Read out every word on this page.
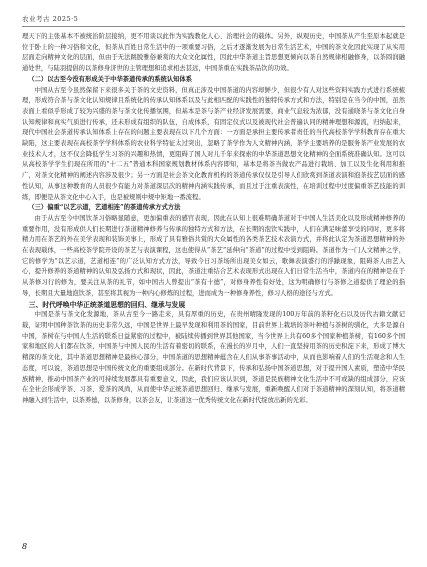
农业考古 2025·5

理天下的主张基本不被统治阶层接纳，更不用谈以此作为实践教化人心、治理社会的载体。另外，纵观历史，中国茶从产生至原本起就是位于卧上的一种习俗和文化，但茶从百姓日常生活中的一项重要习俗，之后才逐渐发展为日常生活艺术，中国的茶文化因此实现了从实用层面走向精神文化的层面，但由于无法跳脱雅俗兼赏的大众文化属性，因此中华茶道主旨思想更倾向以茶自然规律相融修身，以茶圆润融通处世，与陆羽提倡的以茶修身济世的主管理想和追求相去甚远，中国茶重在实践茶品饮的功效。

（二）以古至今没有形成关于中华茶道传承的系统认知体系

中国从古至今虽然保留下来很多关于茶的文史资料，但真正涉及中国茶道的内容却鲜少，但很少有人对这些资料实践方式进行系统梳理，形成符合茶与茶文化认知规律且系统化的传承认知体系以及与此相匹配的实践性的独特传承方式和方法，特别是在当今的中国，虽然表面上看似乎形成了较为兴盛的茶与茶文化传播氛围，但基本是茶与茶产业经济发展需要，商业气息较为浓郁，没有通晓茶与茶文化自身认知规律和真实气质进行传承，还未形成有组织的队伍，自成体系，有固定仪式以及被现代社会普遍认同的精神理想和源流，归纳起来，现代中国社会茶道传承认知体系上存在的问题主要表现在以下几个方面：一方面是承担主要传承者责任的当代高校茶学学科教育存在重大缺陷，这主要表现在高校茶学学科体系的农业科学特征太过突出，忽略了茶学作为人文精神内涵，茶学主要培养的是服务茶产业发展的农业技术人才，这不仅会降低学生习茶的兴趣和热情，更阻碍了国人对儿千年来探索的中华茶道思想文化精神的全面系统准确认知。这可以从高校茶学学生们现在所用的“十二五”普通本科国家规划教材体系内容即知，基本是将茶当做农产品进行栽培、加工以及生化利用和推广，对茶文化精神的阐述内容涉及很少；另一方面是社会茶文化教育机构的茶道传承仅仅是引导人们欣赏到茶道表演和泡茶技艺层面的感性认知，从事这种教育的人员很少有能力对茶道深层次的精神内涵实践传承，而且过于注重表演性，在培训过程中过度偏重茶艺技能的训练，即便是从茶文化中心入手，也是被规则中规中矩地一番流程。

（三）偏重“以艺示道，艺道相连”的茶道传承方式方法

由于从古至今中国饮茶习俗略显随意，更加偏重表的感官表现，因此在认知上很难明确茶道对于中国人生活美化以及形成精神修养的重要作用，没有形成供人们长期进行茶道精神修养与传承的独特方式和方法，在长期的泡饮实践中，人们在满足味蕾享受的同时，更多将精力用在茶艺的外在美学表现和装饰美事上，形成了具有雅俗共赏的大众属性的各类茶艺技术表演方式，并将此认定为茶道思想精神的外在表现载体，一些高校茶学院开设的茶艺与表演课程，这也使得从“茶艺”延伸向“茶道”的过程中受到阻碍。茶道作为一门人文精神之学，它的修学为“以艺示道，艺道相连”的广泛认知方式方法，导致今日习茶场所出现美女如云，歌舞表演盛行的浮躁现象，阻碍茶人由艺入心，提升修养的茶道精神的认知及弘扬方式和现状，因此，茶道注重结合艺术表现形式出现在人们日常生活当中，茶道内在的精神是在于从茶修习行的修为，要关注从茶的礼节，如中国古人曾提出“茶有十德”，对修身养性有好处，这为明确修行与茶修之道提供了理论的指导，长期且大量地泡饮茶，甚至将其视为一种内心修炼的过程，进而成为一种修身养性，修习人格的途径与方式。

三、时代呼唤中华正统茶道思想的回归、继承与发展

中国是茶与茶文化发源地，茶从古至今一路走来，具有厚重的历史，在贵州晴隆发现的100万年前的茶籽化石以及历代古籍文献记载，证明中国种茶饮茶的历史非常久远，中国是世界上最早发现和利用茶的国家，目前世界上栽培的茶叶种植与茶树的驯化，大多是源自中国，茶树在与中国人生活的联系日益紧密的过程中，被陆续传播到世界其他国家，当今世界上共有60多个国家种植茶树，有160多个国家和地区的人们都在饮茶，中国茶与中国人民的生活有着密切的联系，在漫长的岁月中，人们一直坚持用茶的历史积淀下来，形成了博大精深的茶文化，其中茶道思想精神是最核心部分，中国茶道的思想精神蕴含在人们从事茶事活动中，从而也影响着人们的生活观念和人生态度，可以说，茶道思想是中国传统文化的重要组成部分。在新时代背景下，传承和弘扬中国茶道思想，对于提升国人素质，塑造中华民族精神，推动中国茶产业的可持续发展都具有重要意义，因此，我们应该认识到，茶道是民族精神文化生活中不可或缺的组成部分，应该在全社会形成学茶、习茶、爱茶的风尚，从而使中华正统茶道思想回归、继承与发展，重新唤醒人们对于茶道精神的深刻认知，将茶道精神融入到生活中，以茶养德，以茶修身，以茶会友，让茶道这一优秀传统文化在新时代绽放出新的光彩。

8
